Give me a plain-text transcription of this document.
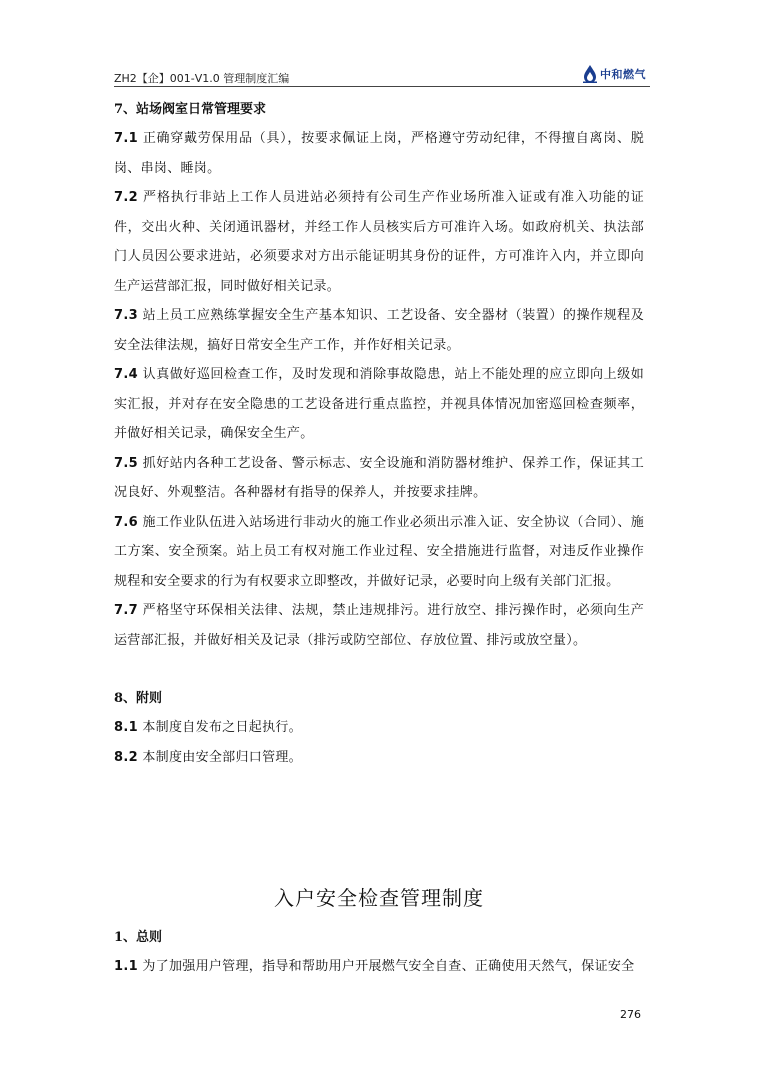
ZH2【企】001-V1.0 管理制度汇编	中和燃气

7、站场阀室日常管理要求

7.1 正确穿戴劳保用品（具），按要求佩证上岗，严格遵守劳动纪律，不得擅自离岗、脱岗、串岗、睡岗。

7.2 严格执行非站上工作人员进站必须持有公司生产作业场所准入证或有准入功能的证件，交出火种、关闭通讯器材，并经工作人员核实后方可准许入场。如政府机关、执法部门人员因公要求进站，必须要求对方出示能证明其身份的证件，方可准许入内，并立即向生产运营部汇报，同时做好相关记录。

7.3 站上员工应熟练掌握安全生产基本知识、工艺设备、安全器材（装置）的操作规程及安全法律法规，搞好日常安全生产工作，并作好相关记录。

7.4 认真做好巡回检查工作，及时发现和消除事故隐患，站上不能处理的应立即向上级如实汇报，并对存在安全隐患的工艺设备进行重点监控，并视具体情况加密巡回检查频率，并做好相关记录，确保安全生产。

7.5 抓好站内各种工艺设备、警示标志、安全设施和消防器材维护、保养工作，保证其工况良好、外观整洁。各种器材有指导的保养人，并按要求挂牌。

7.6 施工作业队伍进入站场进行非动火的施工作业必须出示准入证、安全协议（合同）、施工方案、安全预案。站上员工有权对施工作业过程、安全措施进行监督，对违反作业操作规程和安全要求的行为有权要求立即整改，并做好记录，必要时向上级有关部门汇报。

7.7 严格坚守环保相关法律、法规，禁止违规排污。进行放空、排污操作时，必须向生产运营部汇报，并做好相关及记录（排污或防空部位、存放位置、排污或放空量）。

8、附则

8.1 本制度自发布之日起执行。

8.2 本制度由安全部归口管理。

入户安全检查管理制度

1、总则

1.1 为了加强用户管理，指导和帮助用户开展燃气安全自查、正确使用天然气，保证安全

276
